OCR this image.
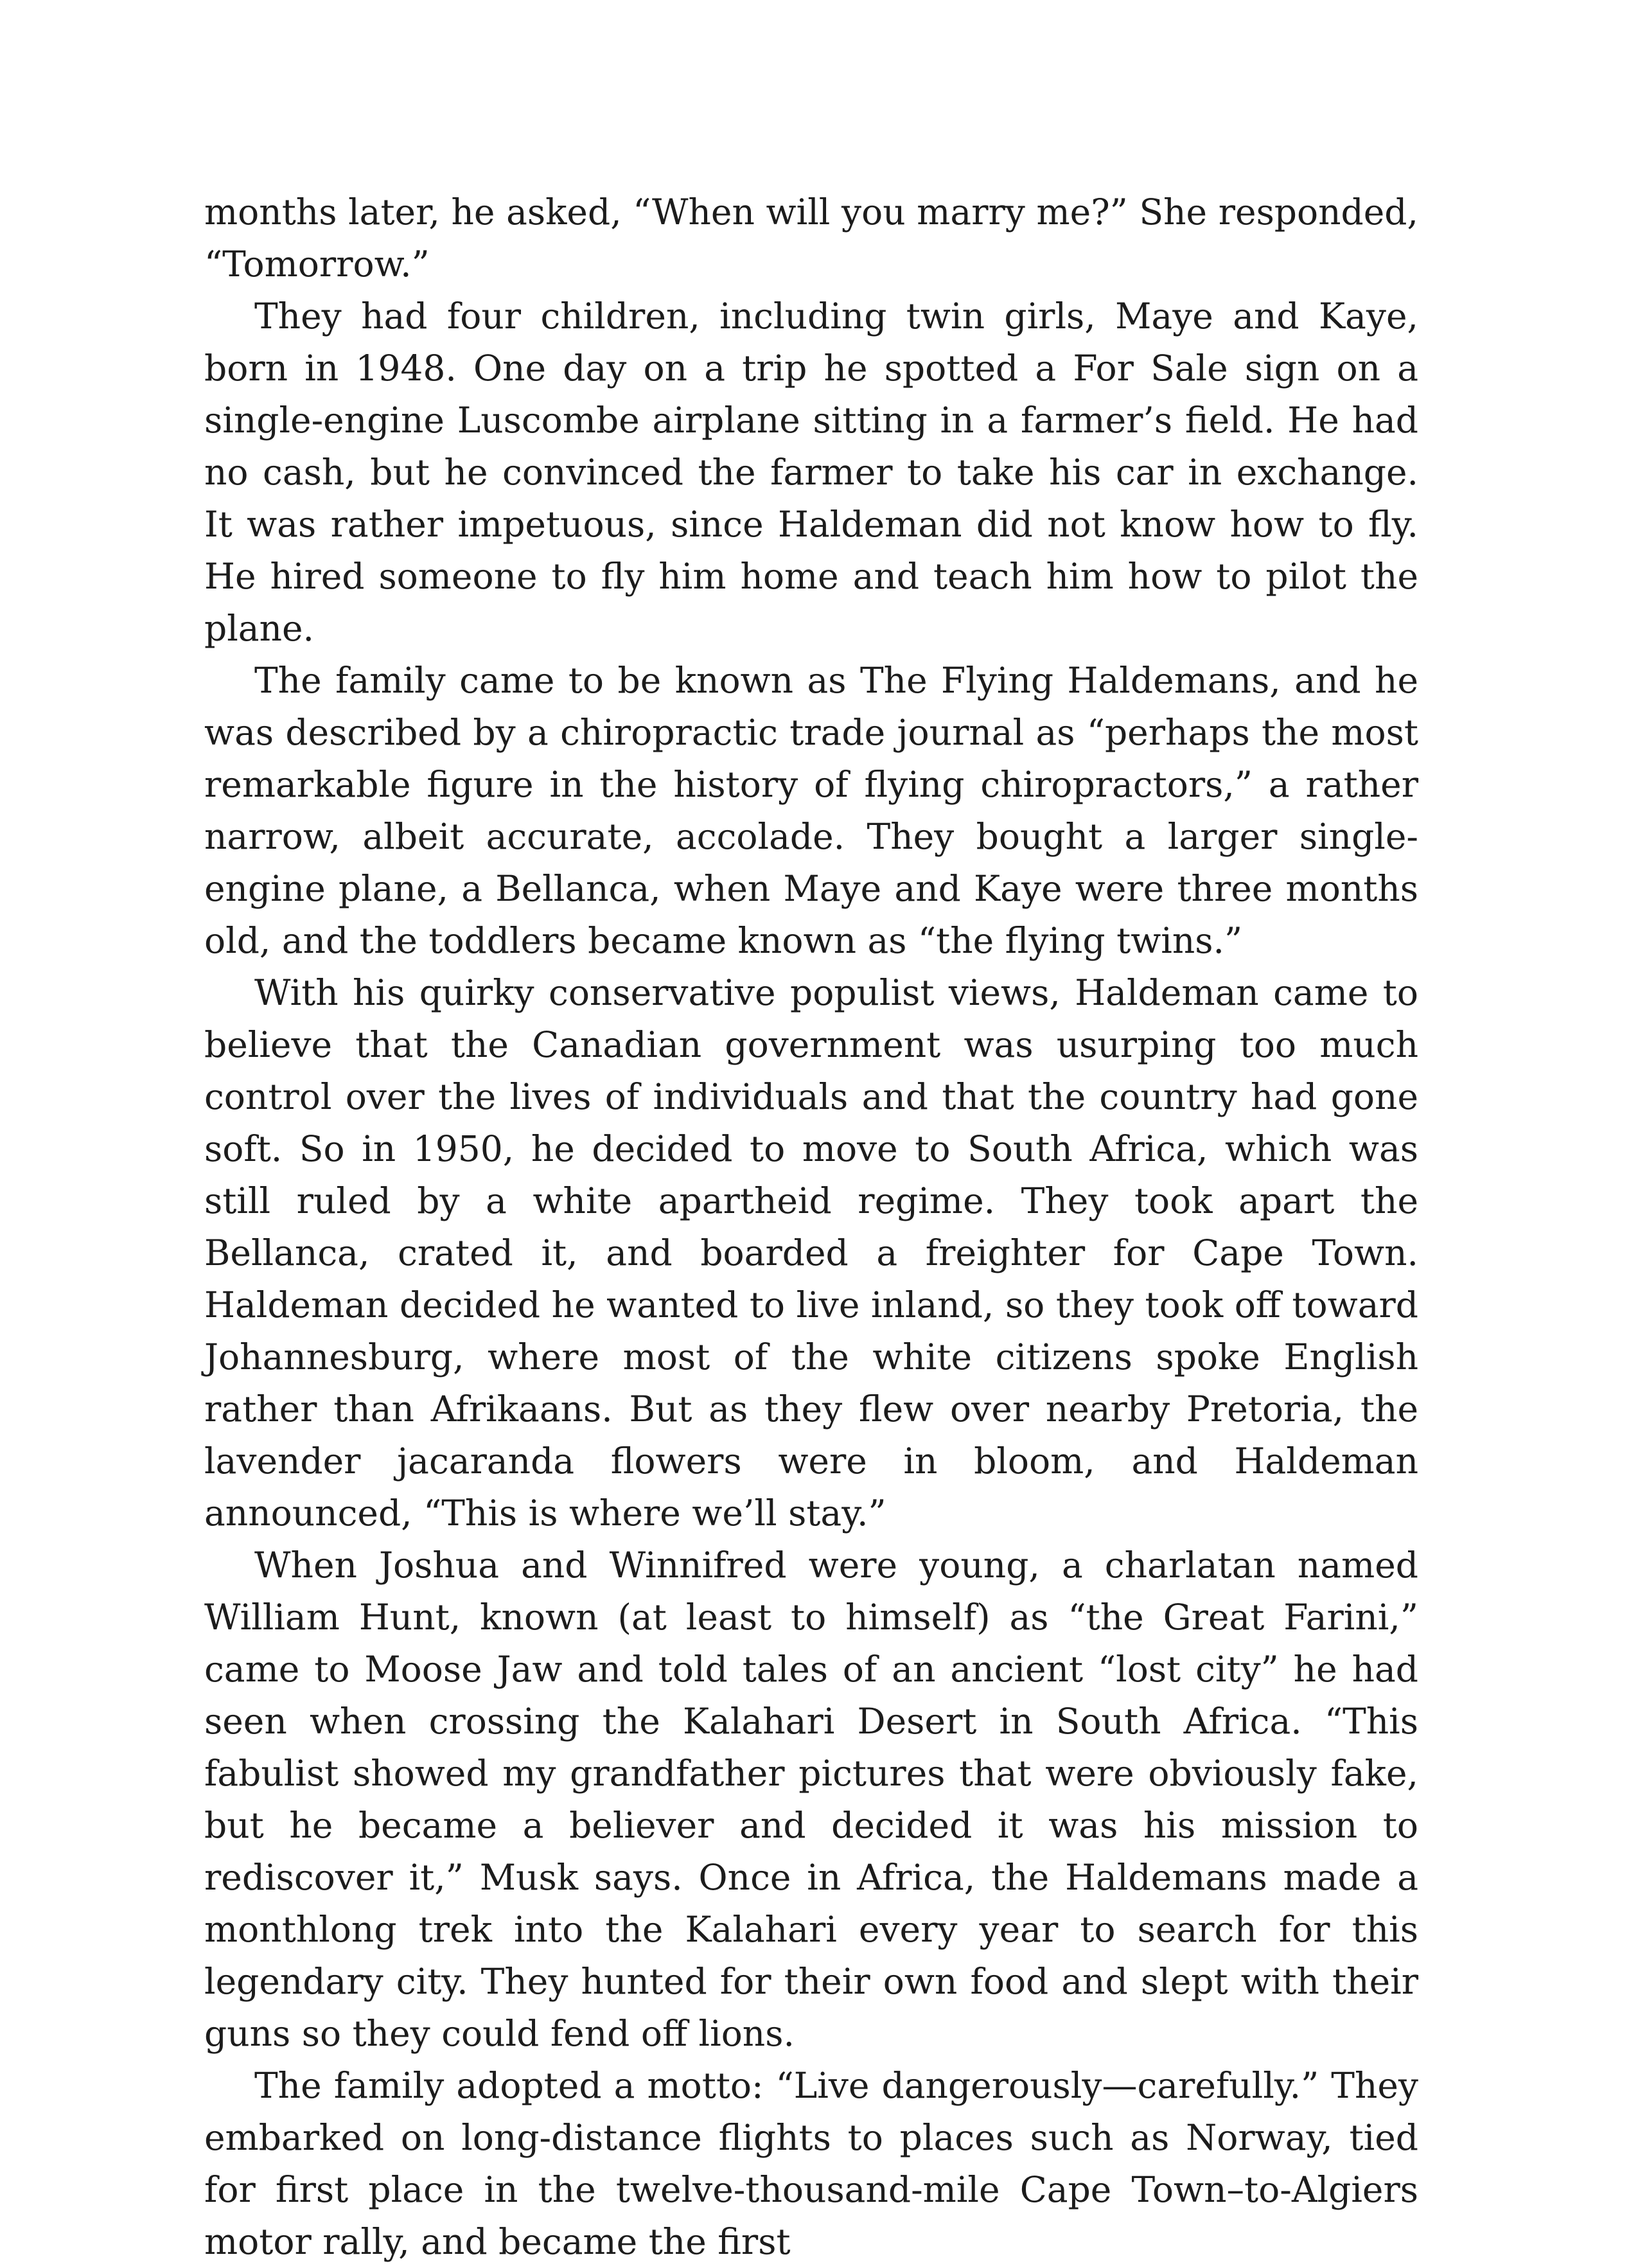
months later, he asked, “When will you marry me?” She responded, “Tomorrow.”

They had four children, including twin girls, Maye and Kaye, born in 1948. One day on a trip he spotted a For Sale sign on a single-engine Luscombe airplane sitting in a farmer’s field. He had no cash, but he convinced the farmer to take his car in exchange. It was rather impetuous, since Haldeman did not know how to fly. He hired someone to fly him home and teach him how to pilot the plane.

The family came to be known as The Flying Haldemans, and he was described by a chiropractic trade journal as “perhaps the most remarkable figure in the history of flying chiropractors,” a rather narrow, albeit accurate, accolade. They bought a larger single-engine plane, a Bellanca, when Maye and Kaye were three months old, and the toddlers became known as “the flying twins.”

With his quirky conservative populist views, Haldeman came to believe that the Canadian government was usurping too much control over the lives of individuals and that the country had gone soft. So in 1950, he decided to move to South Africa, which was still ruled by a white apartheid regime. They took apart the Bellanca, crated it, and boarded a freighter for Cape Town. Haldeman decided he wanted to live inland, so they took off toward Johannesburg, where most of the white citizens spoke English rather than Afrikaans. But as they flew over nearby Pretoria, the lavender jacaranda flowers were in bloom, and Haldeman announced, “This is where we’ll stay.”

When Joshua and Winnifred were young, a charlatan named William Hunt, known (at least to himself) as “the Great Farini,” came to Moose Jaw and told tales of an ancient “lost city” he had seen when crossing the Kalahari Desert in South Africa. “This fabulist showed my grandfather pictures that were obviously fake, but he became a believer and decided it was his mission to rediscover it,” Musk says. Once in Africa, the Haldemans made a monthlong trek into the Kalahari every year to search for this legendary city. They hunted for their own food and slept with their guns so they could fend off lions.

The family adopted a motto: “Live dangerously—carefully.” They embarked on long-distance flights to places such as Norway, tied for first place in the twelve-thousand-mile Cape Town–to-Algiers motor rally, and became the first
